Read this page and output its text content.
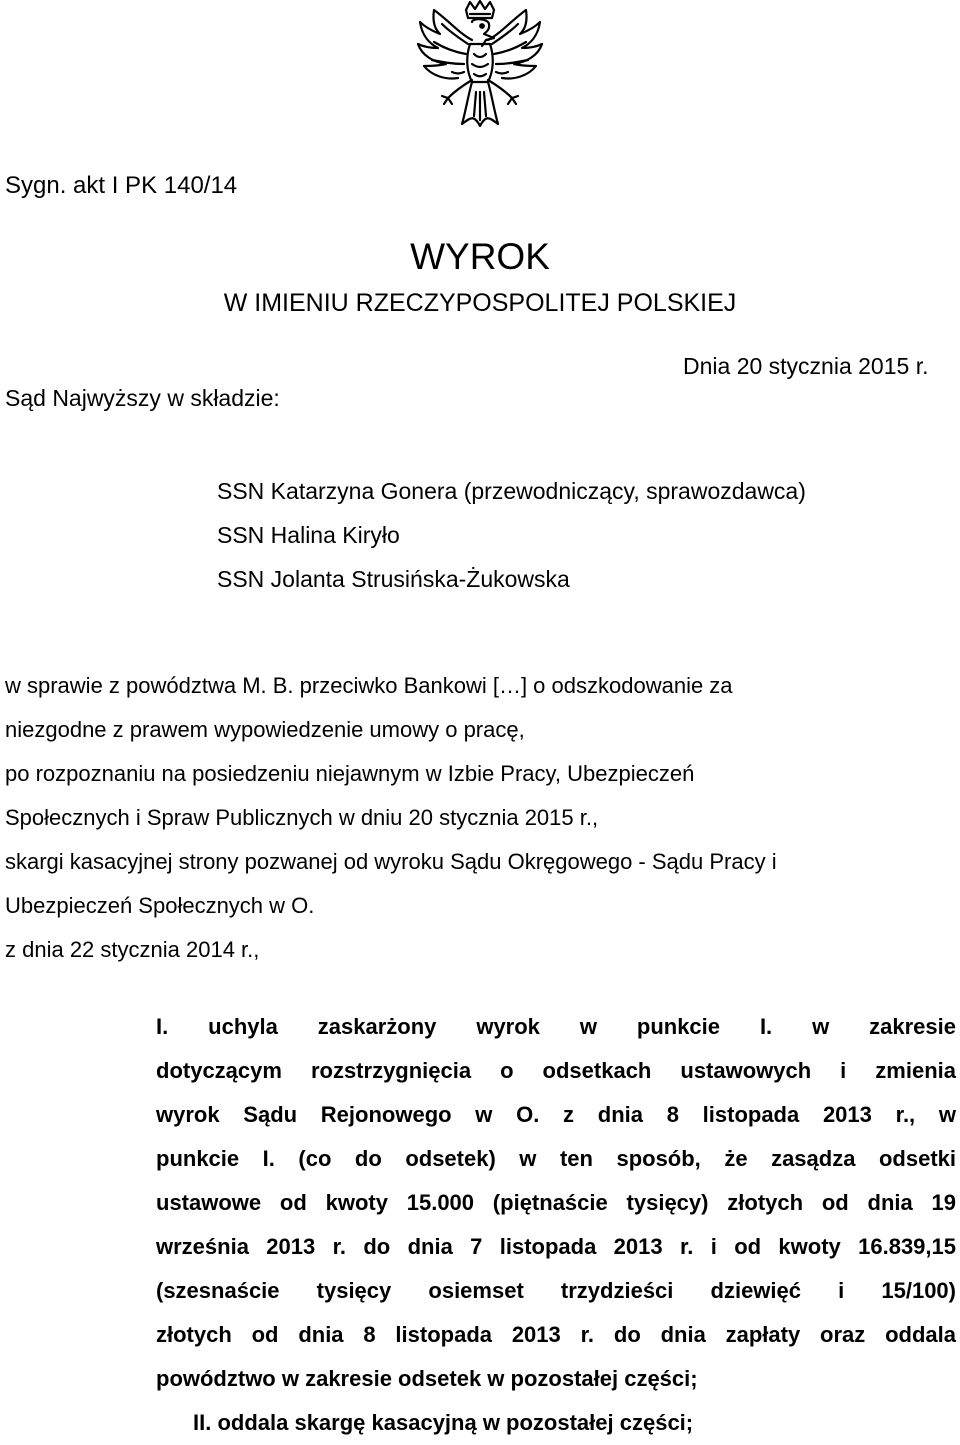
Sygn. akt I PK 140/14

WYROK
W IMIENIU RZECZYPOSPOLITEJ POLSKIEJ

Dnia 20 stycznia 2015 r.

Sąd Najwyższy w składzie:

SSN Katarzyna Gonera (przewodniczący, sprawozdawca)

SSN Halina Kiryło

SSN Jolanta Strusińska-Żukowska

w sprawie z powództwa M. B. przeciwko Bankowi […] o odszkodowanie za

niezgodne z prawem wypowiedzenie umowy o pracę,

po rozpoznaniu na posiedzeniu niejawnym w Izbie Pracy, Ubezpieczeń

Społecznych i Spraw Publicznych w dniu 20 stycznia 2015 r.,

skargi kasacyjnej strony pozwanej od wyroku Sądu Okręgowego - Sądu Pracy i

Ubezpieczeń Społecznych w O.

z dnia 22 stycznia 2014 r.,

I. uchyla zaskarżony wyrok w punkcie I. w zakresie

dotyczącym rozstrzygnięcia o odsetkach ustawowych i zmienia

wyrok Sądu Rejonowego w O. z dnia 8 listopada 2013 r., w

punkcie I. (co do odsetek) w ten sposób, że zasądza odsetki

ustawowe od kwoty 15.000 (piętnaście tysięcy) złotych od dnia 19

września 2013 r. do dnia 7 listopada 2013 r. i od kwoty 16.839,15

(szesnaście tysięcy osiemset trzydzieści dziewięć i 15/100)

złotych od dnia 8 listopada 2013 r. do dnia zapłaty oraz oddala

powództwo w zakresie odsetek w pozostałej części;

II. oddala skargę kasacyjną w pozostałej części;
